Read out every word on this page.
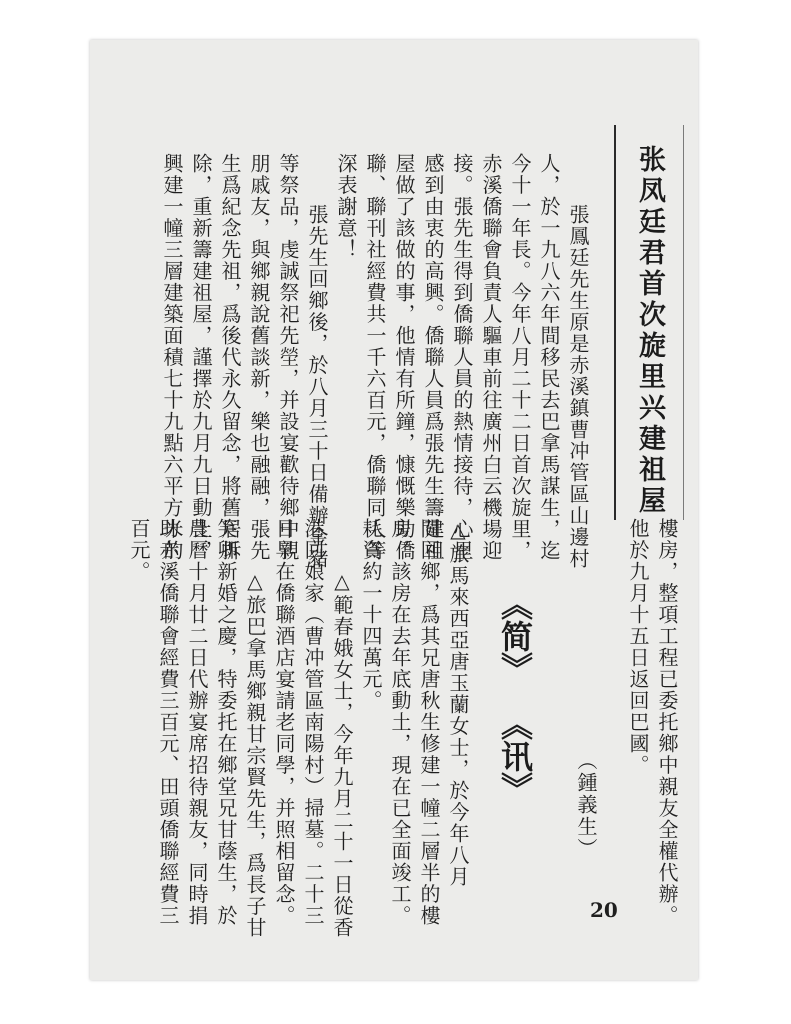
张凤廷君首次旋里兴建祖屋

張鳳廷先生原是赤溪鎮曹冲管區山邊村

人，於一九八六年間移民去巴拿馬謀生，迄

今十一年長。今年八月二十二日首次旋里，

赤溪僑聯會負責人驅車前往廣州白云機場迎

接。張先生得到僑聯人員的熱情接待，心里

感到由衷的高興。僑聯人員爲張先生籌建祖

屋做了該做的事，他情有所鐘，慷慨樂助僑

聯、聯刊社經費共一千六百元，僑聯同人等

深表謝意！

張先生回鄉後，於八月三十日備辦金豬

等祭品，虔誠祭祀先塋，并設宴歡待鄉中親

朋戚友，與鄉親說舊談新，樂也融融，張先

生爲紀念先祖，爲後代永久留念，將舊居拆

除，重新籌建祖屋，謹擇於九月九日動土，

興建一幢三層建築面積七十九點六平方米的

樓房，整項工程已委托鄉中親友全權代辦。

他於九月十五日返回巴國。

（鍾義生）
《简》
《讯》

△旅馬來西亞唐玉蘭女士，於今年八月

間回鄉，爲其兄唐秋生修建一幢二層半的樓

房。該房在去年底動土，現在已全面竣工。

耗資約一十四萬元。

△範春娥女士，今年九月二十一日從香

港回娘家（曹冲管區南陽村）掃墓。二十三

日早在僑聯酒店宴請老同學，并照相留念。

△旅巴拿馬鄉親甘宗賢先生，爲長子甘

笑卿新婚之慶，特委托在鄉堂兄甘蔭生，於

農曆十月廿二日代辦宴席招待親友，同時捐

助赤溪僑聯會經費三百元、田頭僑聯經費三

百元。

20
